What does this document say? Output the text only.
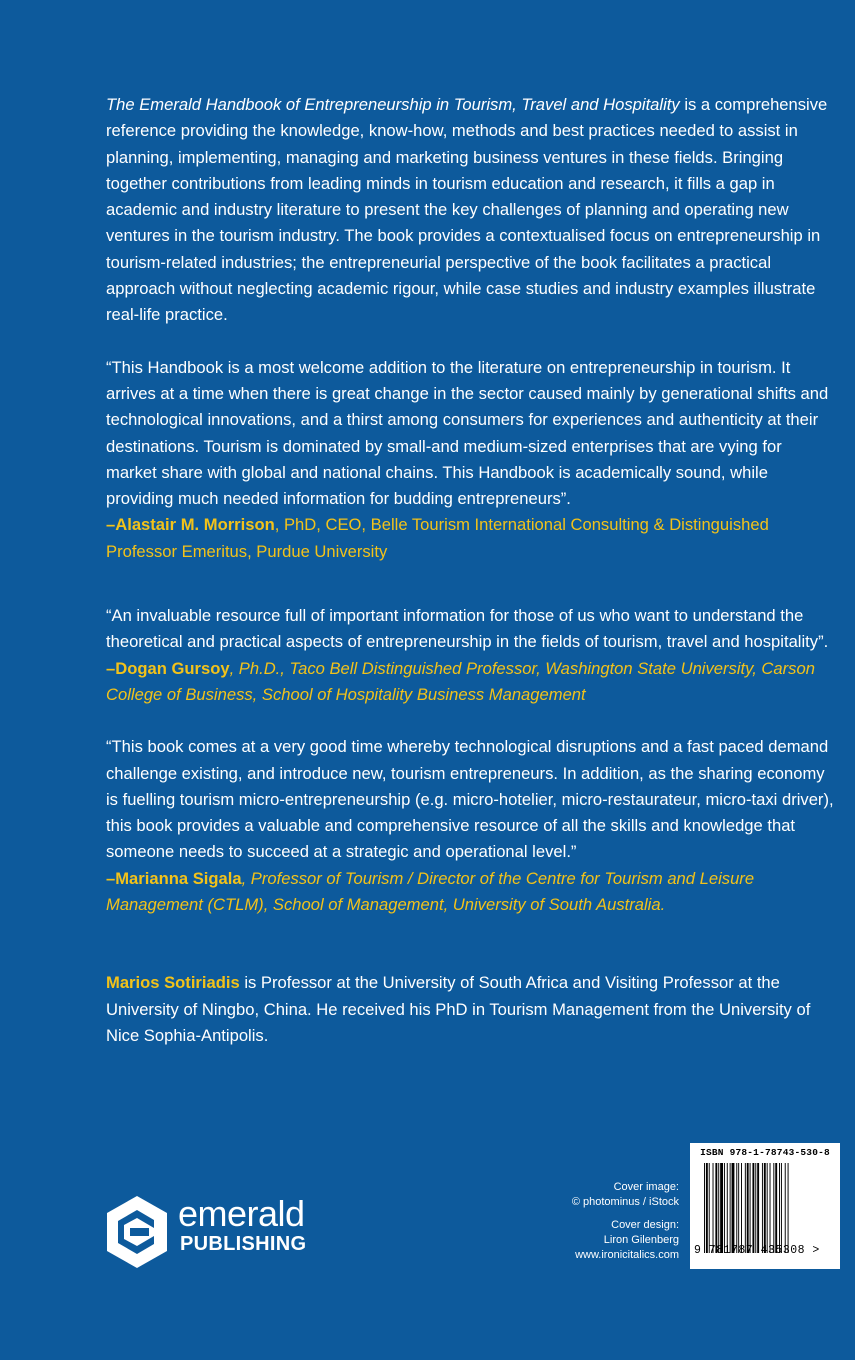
The Emerald Handbook of Entrepreneurship in Tourism, Travel and Hospitality is a comprehensive reference providing the knowledge, know-how, methods and best practices needed to assist in planning, implementing, managing and marketing business ventures in these fields. Bringing together contributions from leading minds in tourism education and research, it fills a gap in academic and industry literature to present the key challenges of planning and operating new ventures in the tourism industry. The book provides a contextualised focus on entrepreneurship in tourism-related industries; the entrepreneurial perspective of the book facilitates a practical approach without neglecting academic rigour, while case studies and industry examples illustrate real-life practice.

“This Handbook is a most welcome addition to the literature on entrepreneurship in tourism. It arrives at a time when there is great change in the sector caused mainly by generational shifts and technological innovations, and a thirst among consumers for experiences and authenticity at their destinations. Tourism is dominated by small-and medium-sized enterprises that are vying for market share with global and national chains. This Handbook is academically sound, while providing much needed information for budding entrepreneurs”.

–Alastair M. Morrison, PhD, CEO, Belle Tourism International Consulting & Distinguished Professor Emeritus, Purdue University

“An invaluable resource full of important information for those of us who want to understand the theoretical and practical aspects of entrepreneurship in the fields of tourism, travel and hospitality”.

–Dogan Gursoy, Ph.D., Taco Bell Distinguished Professor, Washington State University, Carson College of Business, School of Hospitality Business Management

“This book comes at a very good time whereby technological disruptions and a fast paced demand challenge existing, and introduce new, tourism entrepreneurs. In addition, as the sharing economy is fuelling tourism micro-entrepreneurship (e.g. micro-hotelier, micro-restaurateur, micro-taxi driver), this book provides a valuable and comprehensive resource of all the skills and knowledge that someone needs to succeed at a strategic and operational level.”

–Marianna Sigala, Professor of Tourism / Director of the Centre for Tourism and Leisure Management (CTLM), School of Management, University of South Australia.

Marios Sotiriadis is Professor at the University of South Africa and Visiting Professor at the University of Ningbo, China. He received his PhD in Tourism Management from the University of Nice Sophia-Antipolis.

emerald
PUBLISHING
Cover image:
© photominus / iStock
Cover design:
Liron Gilenberg
www.ironicitalics.com
ISBN 978-1-78743-530-8
9 781787 435308 >
